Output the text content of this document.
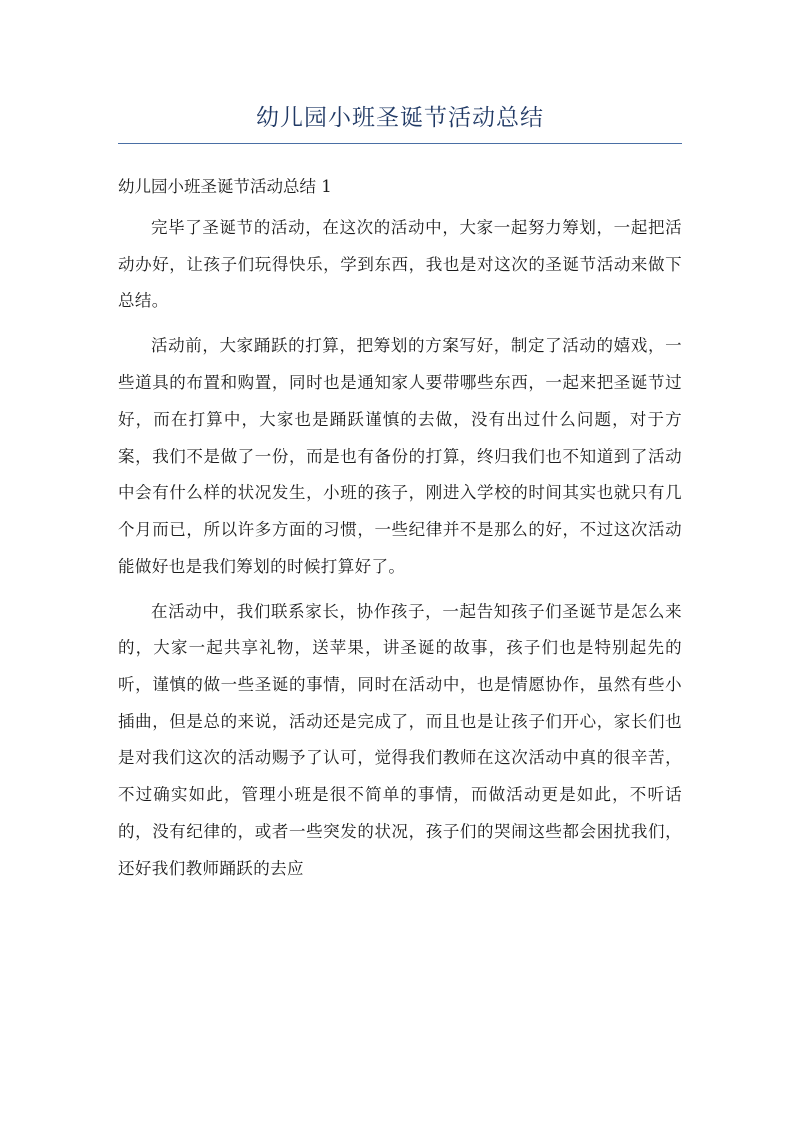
幼儿园小班圣诞节活动总结
幼儿园小班圣诞节活动总结 1

完毕了圣诞节的活动，在这次的活动中，大家一起努力筹划，一起把活动办好，让孩子们玩得快乐，学到东西，我也是对这次的圣诞节活动来做下总结。

活动前，大家踊跃的打算，把筹划的方案写好，制定了活动的嬉戏，一些道具的布置和购置，同时也是通知家人要带哪些东西，一起来把圣诞节过好，而在打算中，大家也是踊跃谨慎的去做，没有出过什么问题，对于方案，我们不是做了一份，而是也有备份的打算，终归我们也不知道到了活动中会有什么样的状况发生，小班的孩子，刚进入学校的时间其实也就只有几个月而已，所以许多方面的习惯，一些纪律并不是那么的好，不过这次活动能做好也是我们筹划的时候打算好了。

在活动中，我们联系家长，协作孩子，一起告知孩子们圣诞节是怎么来的，大家一起共享礼物，送苹果，讲圣诞的故事，孩子们也是特别起先的听，谨慎的做一些圣诞的事情，同时在活动中，也是情愿协作，虽然有些小插曲，但是总的来说，活动还是完成了，而且也是让孩子们开心，家长们也是对我们这次的活动赐予了认可，觉得我们教师在这次活动中真的很辛苦，不过确实如此，管理小班是很不简单的事情，而做活动更是如此，不听话的，没有纪律的，或者一些突发的状况，孩子们的哭闹这些都会困扰我们，还好我们教师踊跃的去应
